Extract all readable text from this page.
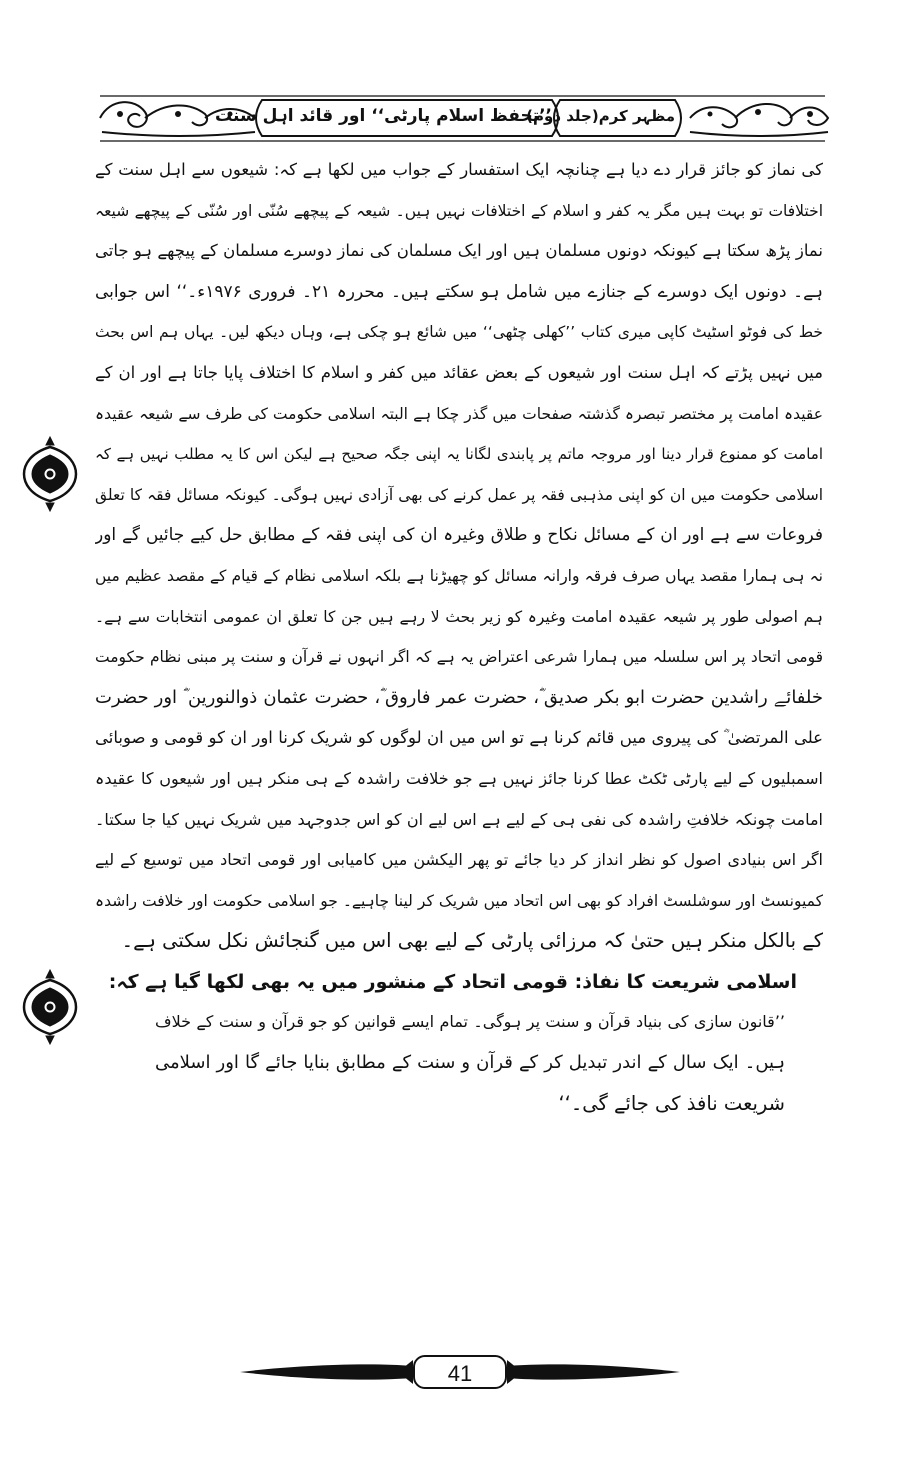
’’تحفظ اسلام پارٹی‘‘ اور قائد اہل سنت
مظہر کرم(جلد دوم)
کی نماز کو جائز قرار دے دیا ہے چنانچہ ایک استفسار کے جواب میں لکھا ہے کہ: شیعوں سے اہل سنت کے
اختلافات تو بہت ہیں مگر یہ کفر و اسلام کے اختلافات نہیں ہیں۔ شیعہ کے پیچھے سُنّی اور سُنّی کے پیچھے شیعہ
نماز پڑھ سکتا ہے کیونکہ دونوں مسلمان ہیں اور ایک مسلمان کی نماز دوسرے مسلمان کے پیچھے ہو جاتی
ہے۔ دونوں ایک دوسرے کے جنازے میں شامل ہو سکتے ہیں۔ محررہ ۲۱۔ فروری ۱۹۷۶ء۔‘‘ اس جوابی
خط کی فوٹو اسٹیٹ کاپی میری کتاب ’’کھلی چٹھی‘‘ میں شائع ہو چکی ہے، وہاں دیکھ لیں۔ یہاں ہم اس بحث
میں نہیں پڑتے کہ اہل سنت اور شیعوں کے بعض عقائد میں کفر و اسلام کا اختلاف پایا جاتا ہے اور ان کے
عقیدہ امامت پر مختصر تبصرہ گذشتہ صفحات میں گذر چکا ہے البتہ اسلامی حکومت کی طرف سے شیعہ عقیدہ
امامت کو ممنوع قرار دینا اور مروجہ ماتم پر پابندی لگانا یہ اپنی جگہ صحیح ہے لیکن اس کا یہ مطلب نہیں ہے کہ
اسلامی حکومت میں ان کو اپنی مذہبی فقہ پر عمل کرنے کی بھی آزادی نہیں ہوگی۔ کیونکہ مسائل فقہ کا تعلق
فروعات سے ہے اور ان کے مسائل نکاح و طلاق وغیرہ ان کی اپنی فقہ کے مطابق حل کیے جائیں گے اور
نہ ہی ہمارا مقصد یہاں صرف فرقہ وارانہ مسائل کو چھیڑنا ہے بلکہ اسلامی نظام کے قیام کے مقصد عظیم میں
ہم اصولی طور پر شیعہ عقیدہ امامت وغیرہ کو زیر بحث لا رہے ہیں جن کا تعلق ان عمومی انتخابات سے ہے۔
قومی اتحاد پر اس سلسلہ میں ہمارا شرعی اعتراض یہ ہے کہ اگر انہوں نے قرآن و سنت پر مبنی نظام حکومت
خلفائے راشدین حضرت ابو بکر صدیق ؓ، حضرت عمر فاروق ؓ، حضرت عثمان ذوالنورین ؓ اور حضرت
علی المرتضیٰ ؓ کی پیروی میں قائم کرنا ہے تو اس میں ان لوگوں کو شریک کرنا اور ان کو قومی و صوبائی
اسمبلیوں کے لیے پارٹی ٹکٹ عطا کرنا جائز نہیں ہے جو خلافت راشدہ کے ہی منکر ہیں اور شیعوں کا عقیدہ
امامت چونکہ خلافتِ راشدہ کی نفی ہی کے لیے ہے اس لیے ان کو اس جدوجہد میں شریک نہیں کیا جا سکتا۔
اگر اس بنیادی اصول کو نظر انداز کر دیا جائے تو پھر الیکشن میں کامیابی اور قومی اتحاد میں توسیع کے لیے
کمیونسٹ اور سوشلسٹ افراد کو بھی اس اتحاد میں شریک کر لینا چاہیے۔ جو اسلامی حکومت اور خلافت راشدہ
کے بالکل منکر ہیں حتیٰ کہ مرزائی پارٹی کے لیے بھی اس میں گنجائش نکل سکتی ہے۔
اسلامی شریعت کا نفاذ: قومی اتحاد کے منشور میں یہ بھی لکھا گیا ہے کہ:
’’قانون سازی کی بنیاد قرآن و سنت پر ہوگی۔ تمام ایسے قوانین کو جو قرآن و سنت کے خلاف
ہیں۔ ایک سال کے اندر تبدیل کر کے قرآن و سنت کے مطابق بنایا جائے گا اور اسلامی
شریعت نافذ کی جائے گی۔‘‘
41
